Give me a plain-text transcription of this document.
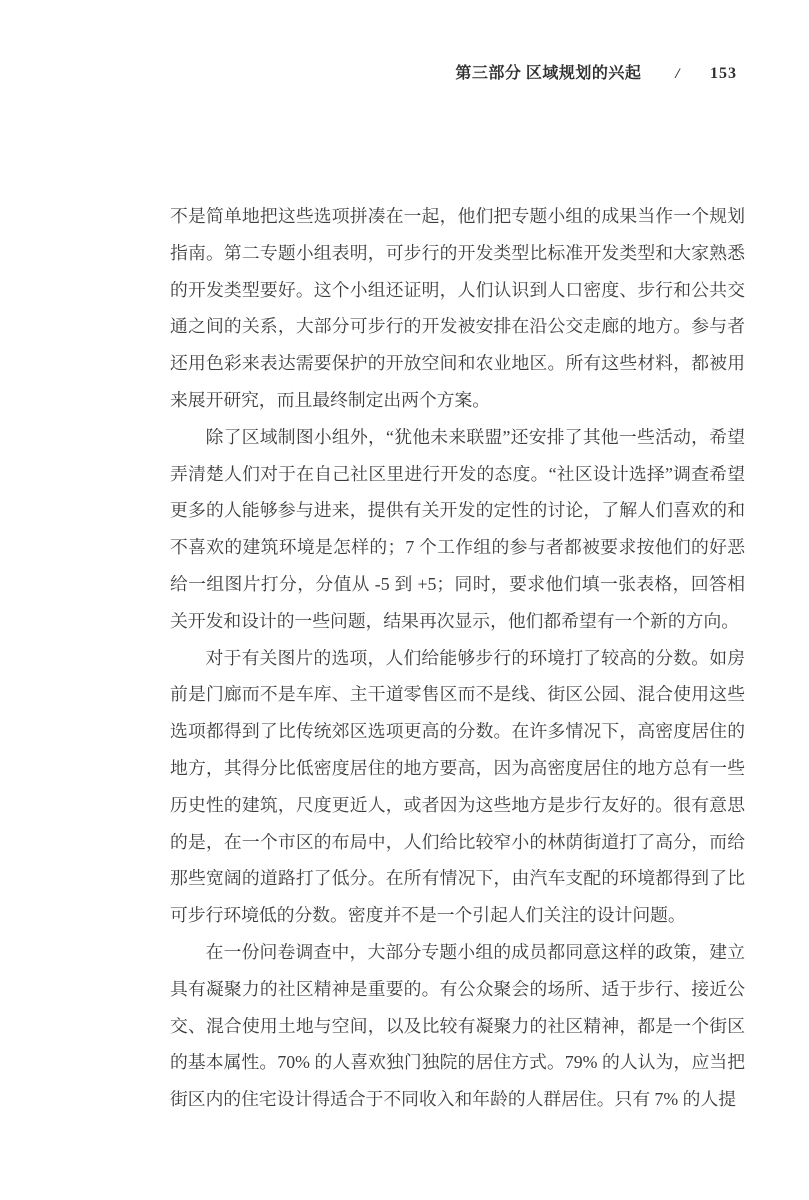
第三部分 区域规划的兴起 / 153

不是简单地把这些选项拼凑在一起，他们把专题小组的成果当作一个规划指南。第二专题小组表明，可步行的开发类型比标准开发类型和大家熟悉的开发类型要好。这个小组还证明，人们认识到人口密度、步行和公共交通之间的关系，大部分可步行的开发被安排在沿公交走廊的地方。参与者还用色彩来表达需要保护的开放空间和农业地区。所有这些材料，都被用来展开研究，而且最终制定出两个方案。

除了区域制图小组外，“犹他未来联盟”还安排了其他一些活动，希望弄清楚人们对于在自己社区里进行开发的态度。“社区设计选择”调查希望更多的人能够参与进来，提供有关开发的定性的讨论，了解人们喜欢的和不喜欢的建筑环境是怎样的；7 个工作组的参与者都被要求按他们的好恶给一组图片打分，分值从 -5 到 +5；同时，要求他们填一张表格，回答相关开发和设计的一些问题，结果再次显示，他们都希望有一个新的方向。

对于有关图片的选项，人们给能够步行的环境打了较高的分数。如房前是门廊而不是车库、主干道零售区而不是线、街区公园、混合使用这些选项都得到了比传统郊区选项更高的分数。在许多情况下，高密度居住的地方，其得分比低密度居住的地方要高，因为高密度居住的地方总有一些历史性的建筑，尺度更近人，或者因为这些地方是步行友好的。很有意思的是，在一个市区的布局中，人们给比较窄小的林荫街道打了高分，而给那些宽阔的道路打了低分。在所有情况下，由汽车支配的环境都得到了比可步行环境低的分数。密度并不是一个引起人们关注的设计问题。

在一份问卷调查中，大部分专题小组的成员都同意这样的政策，建立具有凝聚力的社区精神是重要的。有公众聚会的场所、适于步行、接近公交、混合使用土地与空间，以及比较有凝聚力的社区精神，都是一个街区的基本属性。70% 的人喜欢独门独院的居住方式。79% 的人认为，应当把街区内的住宅设计得适合于不同收入和年龄的人群居住。只有 7% 的人提
